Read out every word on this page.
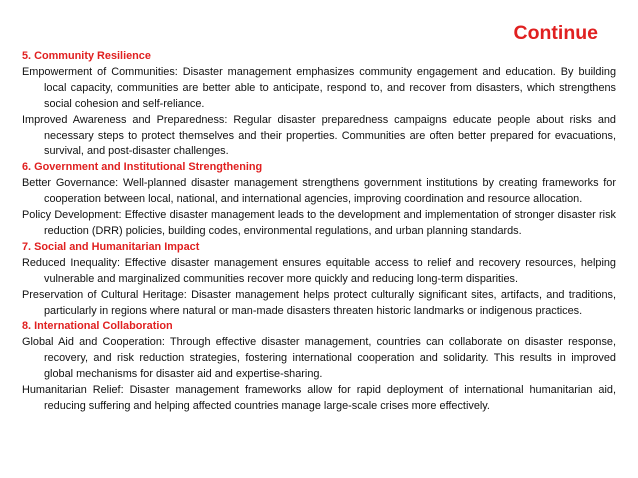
Continue

5. Community Resilience

Empowerment of Communities: Disaster management emphasizes community engagement and education. By building local capacity, communities are better able to anticipate, respond to, and recover from disasters, which strengthens social cohesion and self-reliance.

Improved Awareness and Preparedness: Regular disaster preparedness campaigns educate people about risks and necessary steps to protect themselves and their properties. Communities are often better prepared for evacuations, survival, and post-disaster challenges.

6. Government and Institutional Strengthening

Better Governance: Well-planned disaster management strengthens government institutions by creating frameworks for cooperation between local, national, and international agencies, improving coordination and resource allocation.

Policy Development: Effective disaster management leads to the development and implementation of stronger disaster risk reduction (DRR) policies, building codes, environmental regulations, and urban planning standards.

7. Social and Humanitarian Impact

Reduced Inequality: Effective disaster management ensures equitable access to relief and recovery resources, helping vulnerable and marginalized communities recover more quickly and reducing long-term disparities.

Preservation of Cultural Heritage: Disaster management helps protect culturally significant sites, artifacts, and traditions, particularly in regions where natural or man-made disasters threaten historic landmarks or indigenous practices.

8. International Collaboration

Global Aid and Cooperation: Through effective disaster management, countries can collaborate on disaster response, recovery, and risk reduction strategies, fostering international cooperation and solidarity. This results in improved global mechanisms for disaster aid and expertise-sharing.

Humanitarian Relief: Disaster management frameworks allow for rapid deployment of international humanitarian aid, reducing suffering and helping affected countries manage large-scale crises more effectively.
